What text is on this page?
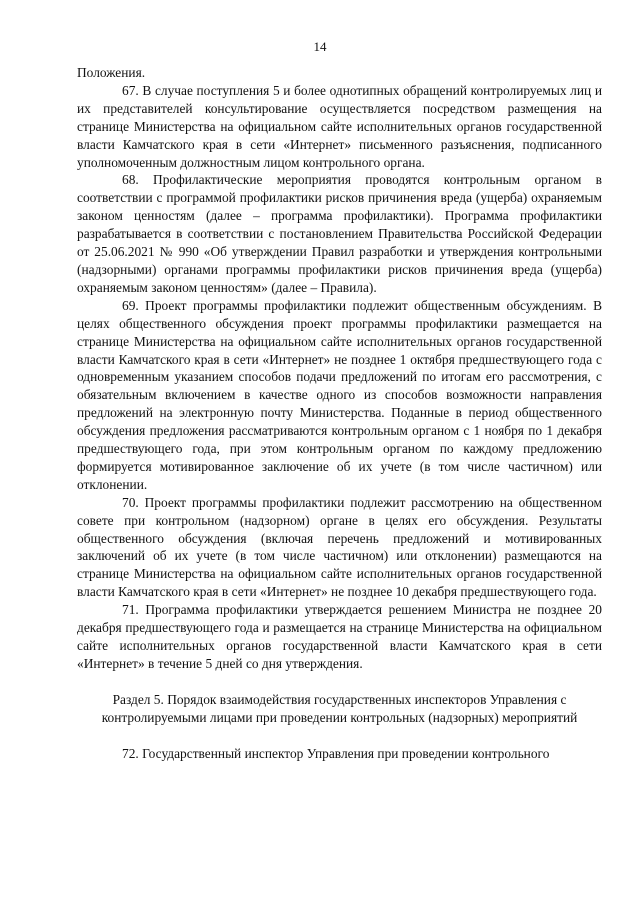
14

Положения.

67. В случае поступления 5 и более однотипных обращений контролируемых лиц и их представителей консультирование осуществляется посредством размещения на странице Министерства на официальном сайте исполнительных органов государственной власти Камчатского края в сети «Интернет» письменного разъяснения, подписанного уполномоченным должностным лицом контрольного органа.

68. Профилактические мероприятия проводятся контрольным органом в соответствии с программой профилактики рисков причинения вреда (ущерба) охраняемым законом ценностям (далее – программа профилактики). Программа профилактики разрабатывается в соответствии с постановлением Правительства Российской Федерации от 25.06.2021 № 990 «Об утверждении Правил разработки и утверждения контрольными (надзорными) органами программы профилактики рисков причинения вреда (ущерба) охраняемым законом ценностям» (далее – Правила).

69. Проект программы профилактики подлежит общественным обсуждениям. В целях общественного обсуждения проект программы профилактики размещается на странице Министерства на официальном сайте исполнительных органов государственной власти Камчатского края в сети «Интернет» не позднее 1 октября предшествующего года с одновременным указанием способов подачи предложений по итогам его рассмотрения, с обязательным включением в качестве одного из способов возможности направления предложений на электронную почту Министерства. Поданные в период общественного обсуждения предложения рассматриваются контрольным органом с 1 ноября по 1 декабря предшествующего года, при этом контрольным органом по каждому предложению формируется мотивированное заключение об их учете (в том числе частичном) или отклонении.

70. Проект программы профилактики подлежит рассмотрению на общественном совете при контрольном (надзорном) органе в целях его обсуждения. Результаты общественного обсуждения (включая перечень предложений и мотивированных заключений об их учете (в том числе частичном) или отклонении) размещаются на странице Министерства на официальном сайте исполнительных органов государственной власти Камчатского края в сети «Интернет» не позднее 10 декабря предшествующего года.

71. Программа профилактики утверждается решением Министра не позднее 20 декабря предшествующего года и размещается на странице Министерства на официальном сайте исполнительных органов государственной власти Камчатского края в сети «Интернет» в течение 5 дней со дня утверждения.

Раздел 5. Порядок взаимодействия государственных инспекторов Управления с контролируемыми лицами при проведении контрольных (надзорных) мероприятий

72. Государственный инспектор Управления при проведении контрольного
